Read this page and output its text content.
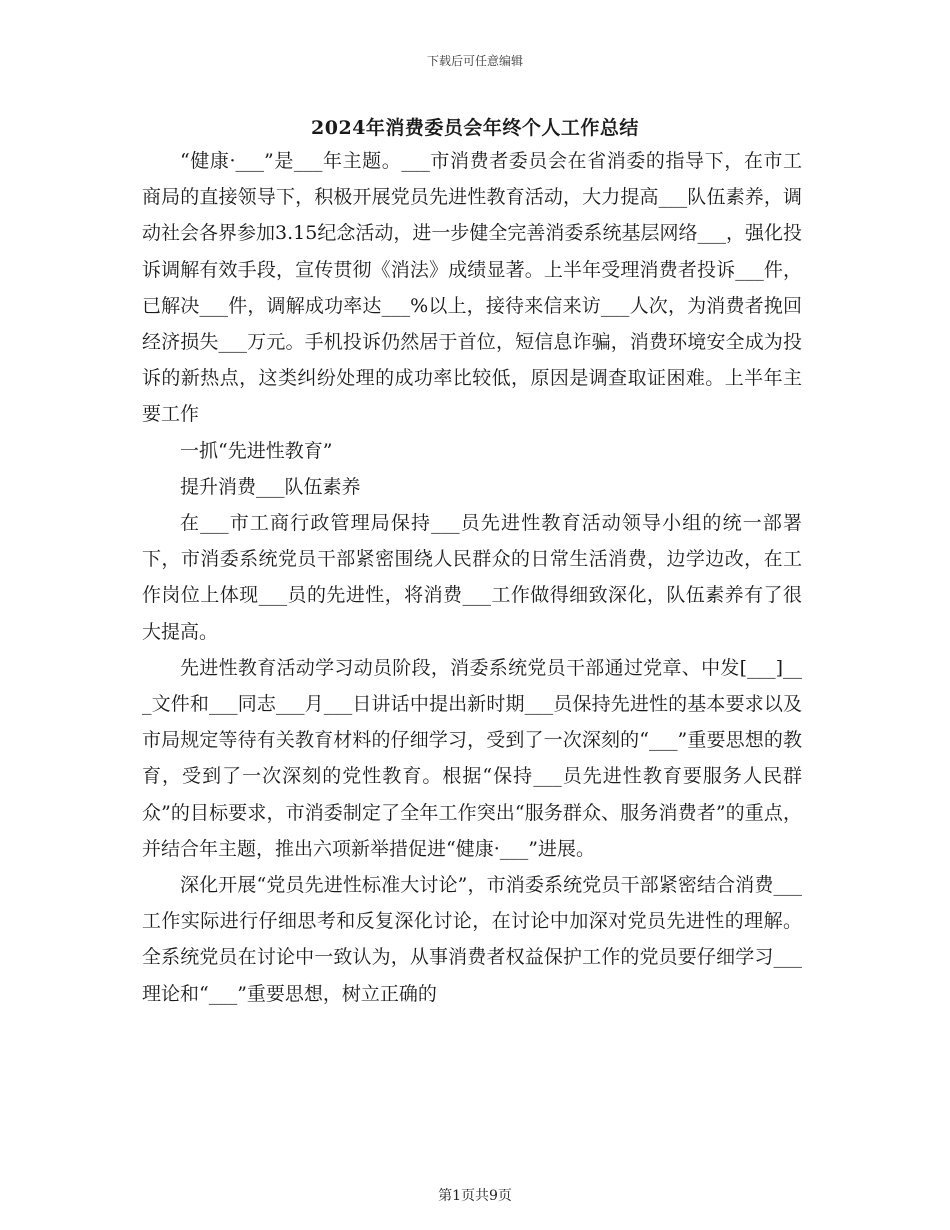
下载后可任意编辑
2024年消费委员会年终个人工作总结

“健康·___”是___年主题。___市消费者委员会在省消委的指导下，在市工商局的直接领导下，积极开展党员先进性教育活动，大力提高___队伍素养，调动社会各界参加3.15纪念活动，进一步健全完善消委系统基层网络___，强化投诉调解有效手段，宣传贯彻《消法》成绩显著。上半年受理消费者投诉___件，已解决___件，调解成功率达___%以上，接待来信来访___人次，为消费者挽回经济损失___万元。手机投诉仍然居于首位，短信息诈骗，消费环境安全成为投诉的新热点，这类纠纷处理的成功率比较低，原因是调查取证困难。上半年主要工作

一抓“先进性教育”

提升消费___队伍素养

在___市工商行政管理局保持___员先进性教育活动领导小组的统一部署下，市消委系统党员干部紧密围绕人民群众的日常生活消费，边学边改，在工作岗位上体现___员的先进性，将消费___工作做得细致深化，队伍素养有了很大提高。

先进性教育活动学习动员阶段，消委系统党员干部通过党章、中发[___]___文件和___同志___月___日讲话中提出新时期___员保持先进性的基本要求以及市局规定等待有关教育材料的仔细学习，受到了一次深刻的“___”重要思想的教育，受到了一次深刻的党性教育。根据“保持___员先进性教育要服务人民群众”的目标要求，市消委制定了全年工作突出“服务群众、服务消费者”的重点，并结合年主题，推出六项新举措促进“健康·___”进展。

深化开展“党员先进性标准大讨论”，市消委系统党员干部紧密结合消费___工作实际进行仔细思考和反复深化讨论，在讨论中加深对党员先进性的理解。全系统党员在讨论中一致认为，从事消费者权益保护工作的党员要仔细学习___理论和“___”重要思想，树立正确的

第1页共9页
